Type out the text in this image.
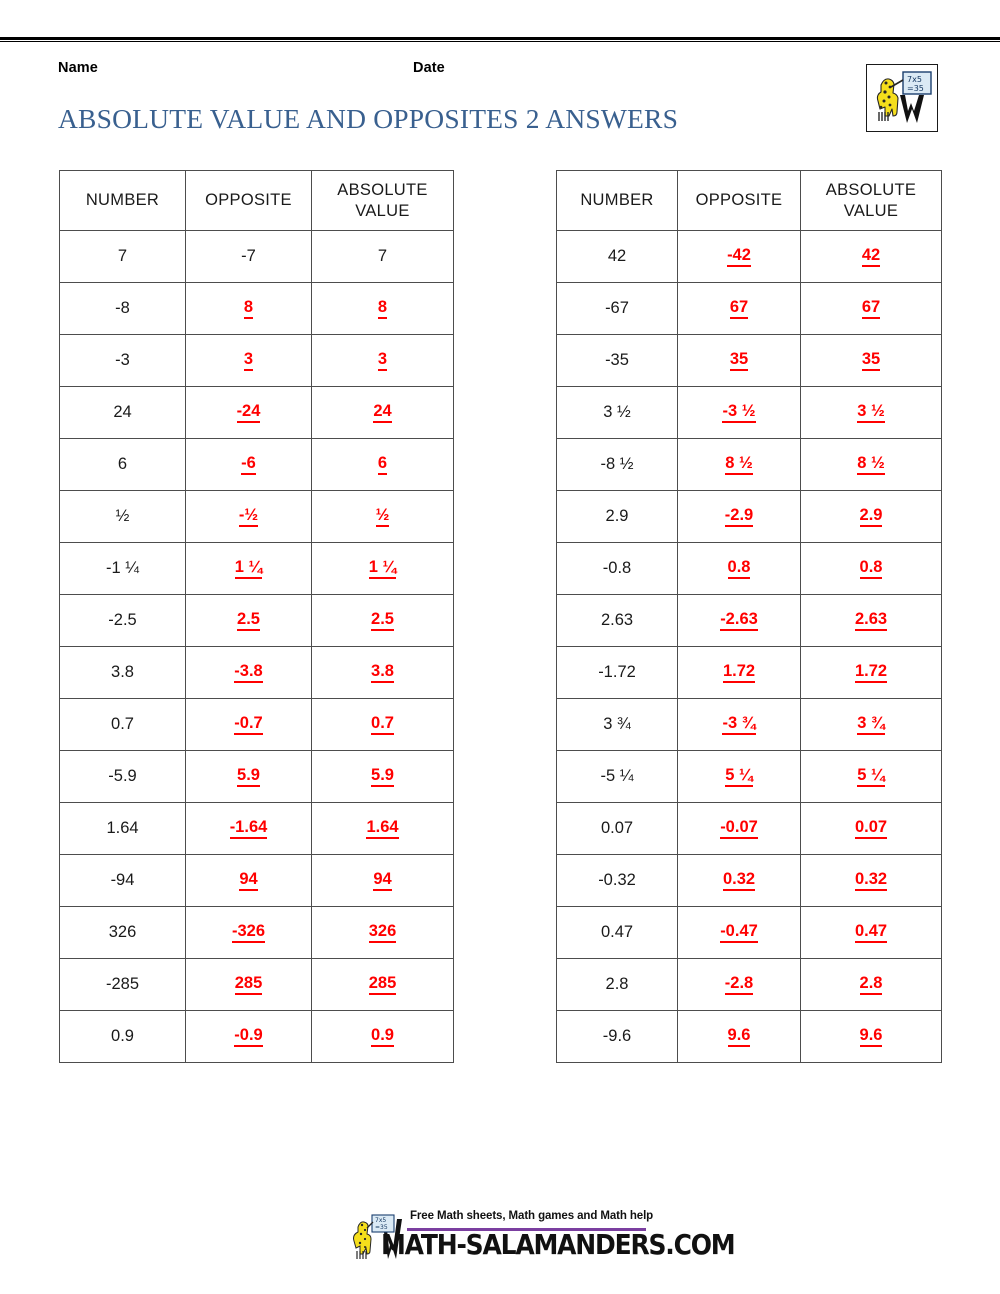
Name	Date
ABSOLUTE VALUE AND OPPOSITES 2 ANSWERS
7x5
=35
NUMBER	OPPOSITE	ABSOLUTE
VALUE
7	-7	7
-8	8	8
-3	3	3
24	-24	24
6	-6	6
½	-½	½
-1 ¼	1 ¼	1 ¼
-2.5	2.5	2.5
3.8	-3.8	3.8
0.7	-0.7	0.7
-5.9	5.9	5.9
1.64	-1.64	1.64
-94	94	94
326	-326	326
-285	285	285
0.9	-0.9	0.9
NUMBER	OPPOSITE	ABSOLUTE
VALUE
42	-42	42
-67	67	67
-35	35	35
3 ½	-3 ½	3 ½
-8 ½	8 ½	8 ½
2.9	-2.9	2.9
-0.8	0.8	0.8
2.63	-2.63	2.63
-1.72	1.72	1.72
3 ¾	-3 ¾	3 ¾
-5 ¼	5 ¼	5 ¼
0.07	-0.07	0.07
-0.32	0.32	0.32
0.47	-0.47	0.47
2.8	-2.8	2.8
-9.6	9.6	9.6
7x5
=35
Free Math sheets, Math games and Math help
MATH-SALAMANDERS.COM
